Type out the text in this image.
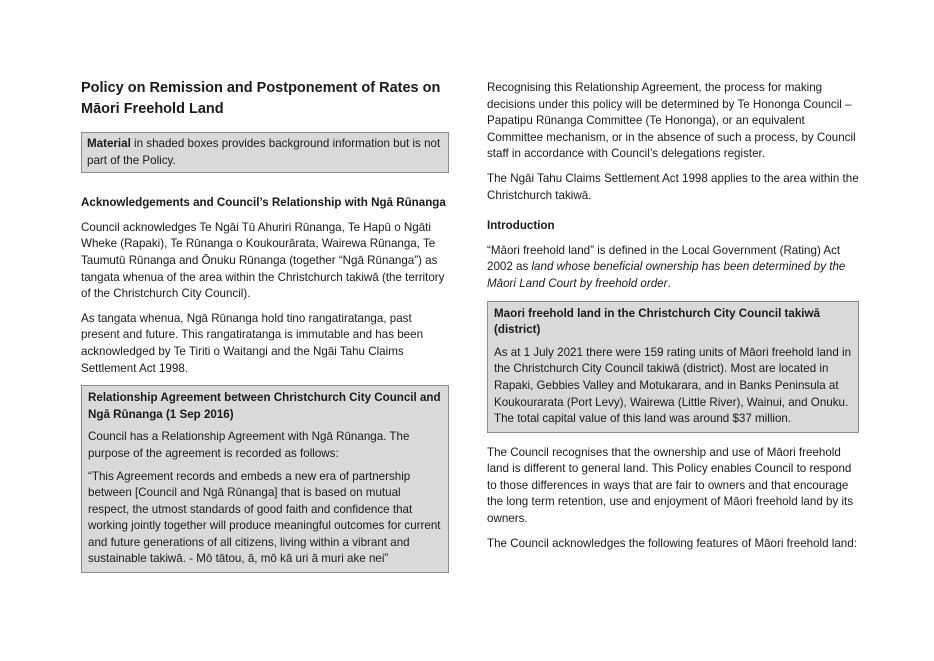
Policy on Remission and Postponement of Rates on Māori Freehold Land

Material in shaded boxes provides background information but is not part of the Policy.

Acknowledgements and Council’s Relationship with Ngā Rūnanga

Council acknowledges Te Ngāi Tū Ahuriri Rūnanga, Te Hapū o Ngāti Wheke (Rapaki), Te Rūnanga o Koukourārata, Wairewa Rūnanga, Te Taumutū Rūnanga and Ōnuku Rūnanga (together “Ngā Rūnanga”) as tangata whenua of the area within the Christchurch takiwā (the territory of the Christchurch City Council).

As tangata whenua, Ngā Rūnanga hold tino rangatiratanga, past present and future. This rangatiratanga is immutable and has been acknowledged by Te Tiriti o Waitangi and the Ngāi Tahu Claims Settlement Act 1998.

Relationship Agreement between Christchurch City Council and Ngā Rūnanga (1 Sep 2016)

Council has a Relationship Agreement with Ngā Rūnanga. The purpose of the agreement is recorded as follows:

“This Agreement records and embeds a new era of partnership between [Council and Ngā Rūnanga] that is based on mutual respect, the utmost standards of good faith and confidence that working jointly together will produce meaningful outcomes for current and future generations of all citizens, living within a vibrant and sustainable takiwā. - Mō tātou, ā, mō kā uri ā muri ake nei”

Recognising this Relationship Agreement, the process for making decisions under this policy will be determined by Te Hononga Council – Papatipu Rūnanga Committee (Te Hononga), or an equivalent Committee mechanism, or in the absence of such a process, by Council staff in accordance with Council’s delegations register.

The Ngāi Tahu Claims Settlement Act 1998 applies to the area within the Christchurch takiwā.

Introduction

“Māori freehold land” is defined in the Local Government (Rating) Act 2002 as land whose beneficial ownership has been determined by the Māori Land Court by freehold order.

Maori freehold land in the Christchurch City Council takiwā (district)

As at 1 July 2021 there were 159 rating units of Māori freehold land in the Christchurch City Council takiwā (district). Most are located in Rapaki, Gebbies Valley and Motukarara, and in Banks Peninsula at Koukourarata (Port Levy), Wairewa (Little River), Wainui, and Onuku. The total capital value of this land was around $37 million.

The Council recognises that the ownership and use of Māori freehold land is different to general land. This Policy enables Council to respond to those differences in ways that are fair to owners and that encourage the long term retention, use and enjoyment of Māori freehold land by its owners.

The Council acknowledges the following features of Māori freehold land:
